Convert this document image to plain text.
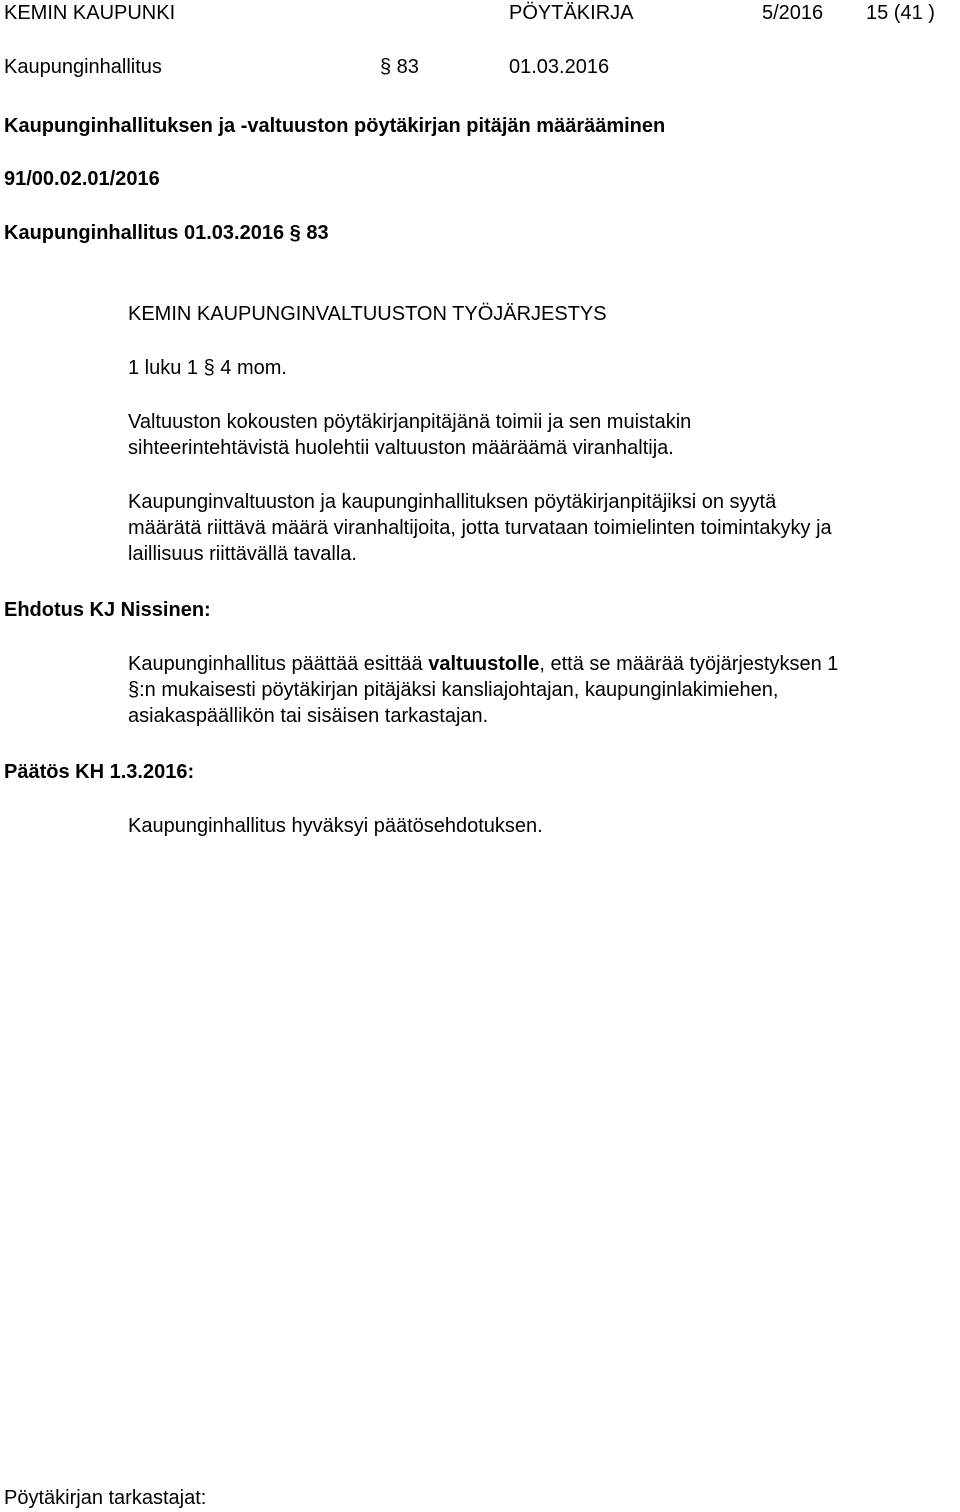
KEMIN KAUPUNKI	PÖYTÄKIRJA	5/2016 15 (41 )
Kaupunginhallitus	§ 83	01.03.2016
Kaupunginhallituksen ja -valtuuston pöytäkirjan pitäjän määrääminen
91/00.02.01/2016
Kaupunginhallitus 01.03.2016 § 83
KEMIN KAUPUNGINVALTUUSTON TYÖJÄRJESTYS
1 luku 1 § 4 mom.
Valtuuston kokousten pöytäkirjanpitäjänä toimii ja sen muistakin
sihteerintehtävistä huolehtii valtuuston määräämä viranhaltija.
Kaupunginvaltuuston ja kaupunginhallituksen pöytäkirjanpitäjiksi on syytä
määrätä riittävä määrä viranhaltijoita, jotta turvataan toimielinten toimintakyky ja
laillisuus riittävällä tavalla.
Ehdotus KJ Nissinen:
Kaupunginhallitus päättää esittää valtuustolle, että se määrää työjärjestyksen 1
§:n mukaisesti pöytäkirjan pitäjäksi kansliajohtajan, kaupunginlakimiehen,
asiakaspäällikön tai sisäisen tarkastajan.
Päätös KH 1.3.2016:
Kaupunginhallitus hyväksyi päätösehdotuksen.
Pöytäkirjan tarkastajat:
